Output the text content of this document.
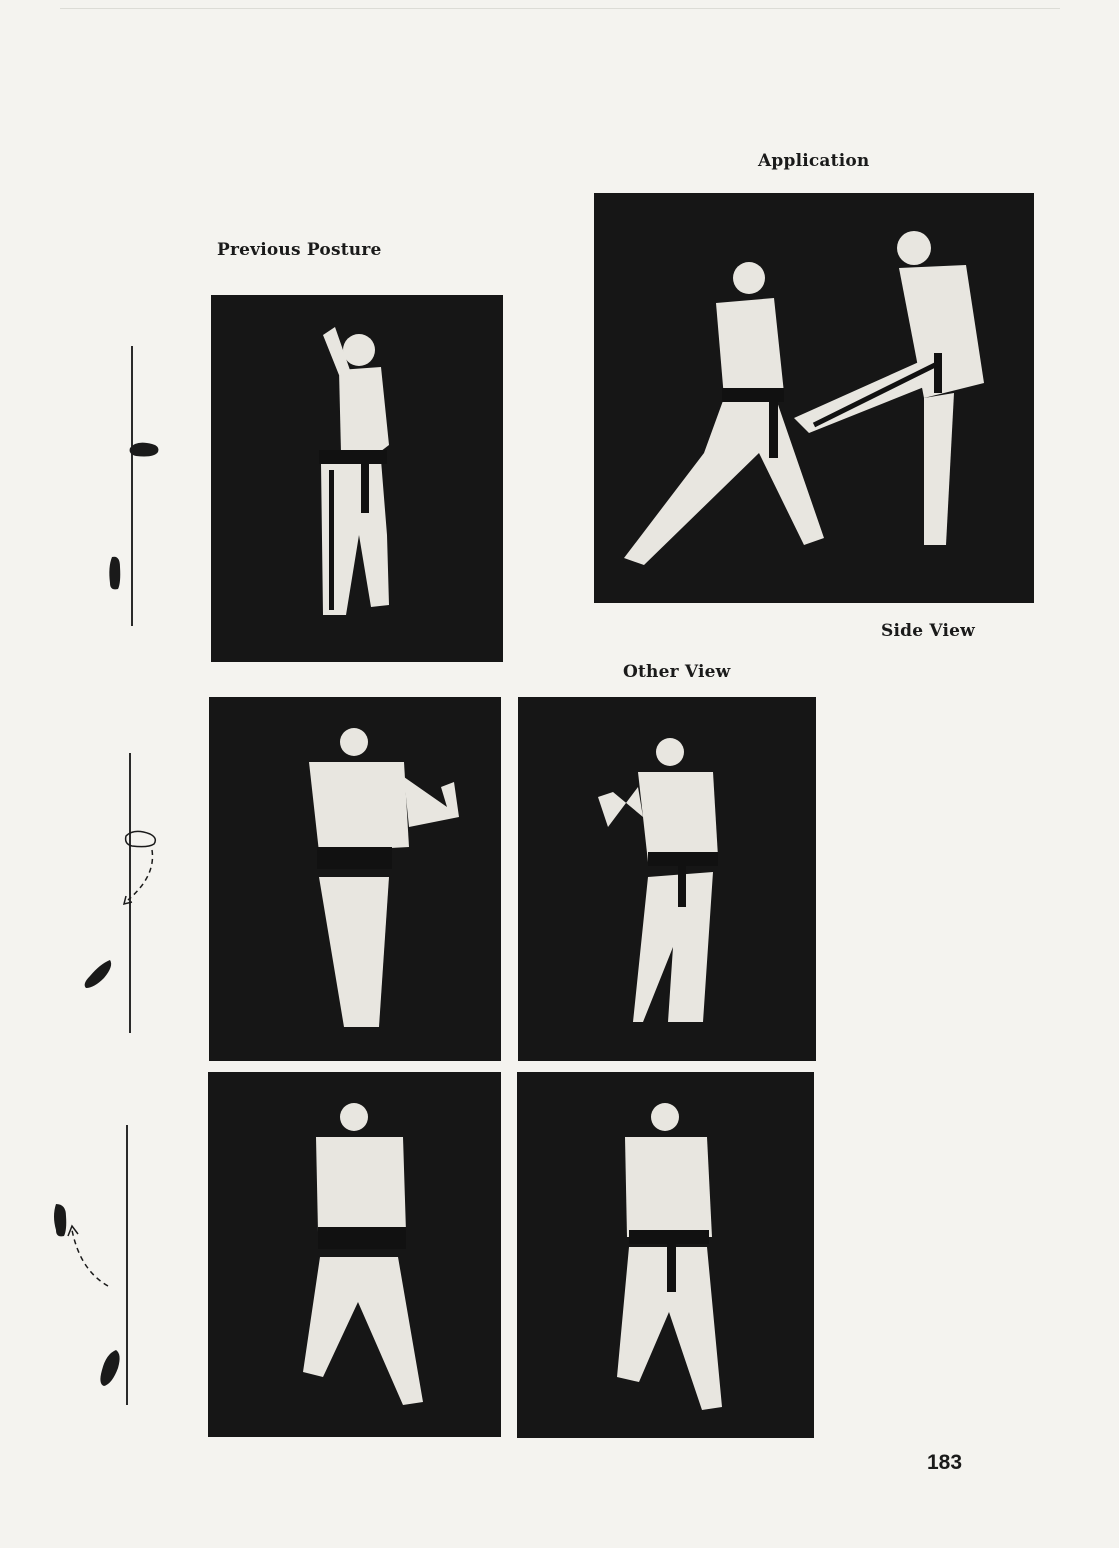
Application
Previous Posture
Side View
Other View
183
